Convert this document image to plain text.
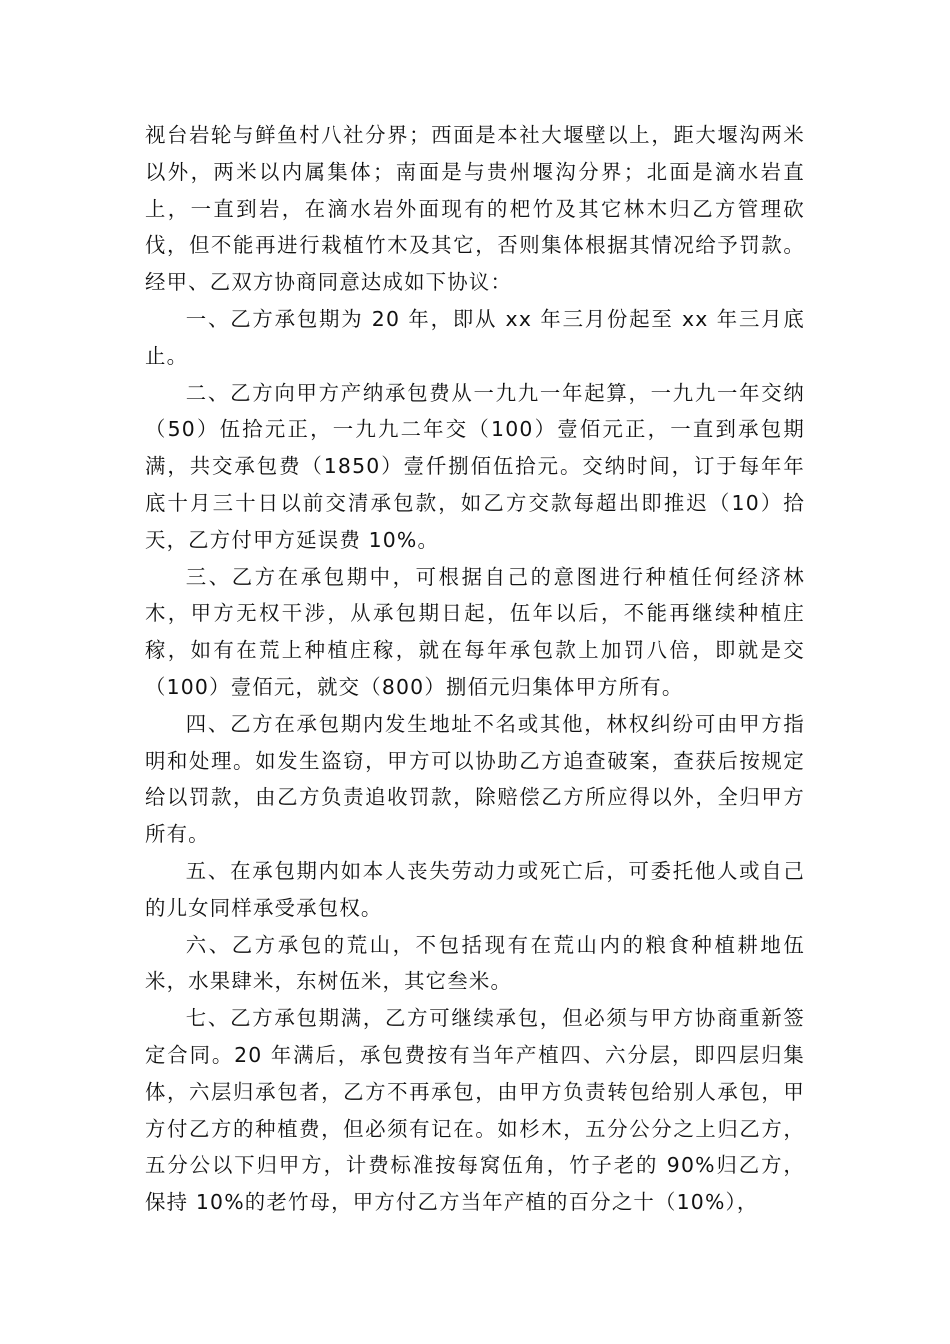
视台岩轮与鲜鱼村八社分界；西面是本社大堰壁以上，距大堰沟两米以外，两米以内属集体；南面是与贵州堰沟分界；北面是滴水岩直上，一直到岩，在滴水岩外面现有的杷竹及其它林木归乙方管理砍伐，但不能再进行栽植竹木及其它，否则集体根据其情况给予罚款。经甲、乙双方协商同意达成如下协议：

一、乙方承包期为 20 年，即从 xx 年三月份起至 xx 年三月底止。

二、乙方向甲方产纳承包费从一九九一年起算，一九九一年交纳（50）伍拾元正，一九九二年交（100）壹佰元正，一直到承包期满，共交承包费（1850）壹仟捌佰伍拾元。交纳时间，订于每年年底十月三十日以前交清承包款，如乙方交款每超出即推迟（10）拾天，乙方付甲方延误费 10%。

三、乙方在承包期中，可根据自己的意图进行种植任何经济林木，甲方无权干涉，从承包期日起，伍年以后，不能再继续种植庄稼，如有在荒上种植庄稼，就在每年承包款上加罚八倍，即就是交（100）壹佰元，就交（800）捌佰元归集体甲方所有。

四、乙方在承包期内发生地址不名或其他，林权纠纷可由甲方指明和处理。如发生盗窃，甲方可以协助乙方追查破案，查获后按规定给以罚款，由乙方负责追收罚款，除赔偿乙方所应得以外，全归甲方所有。

五、在承包期内如本人丧失劳动力或死亡后，可委托他人或自己的儿女同样承受承包权。

六、乙方承包的荒山，不包括现有在荒山内的粮食种植耕地伍米，水果肆米，东树伍米，其它叁米。

七、乙方承包期满，乙方可继续承包，但必须与甲方协商重新签定合同。20 年满后，承包费按有当年产植四、六分层，即四层归集体，六层归承包者，乙方不再承包，由甲方负责转包给别人承包，甲方付乙方的种植费，但必须有记在。如杉木，五分公分之上归乙方，五分公以下归甲方，计费标准按每窝伍角，竹子老的 90%归乙方，保持 10%的老竹母，甲方付乙方当年产植的百分之十（10%），
